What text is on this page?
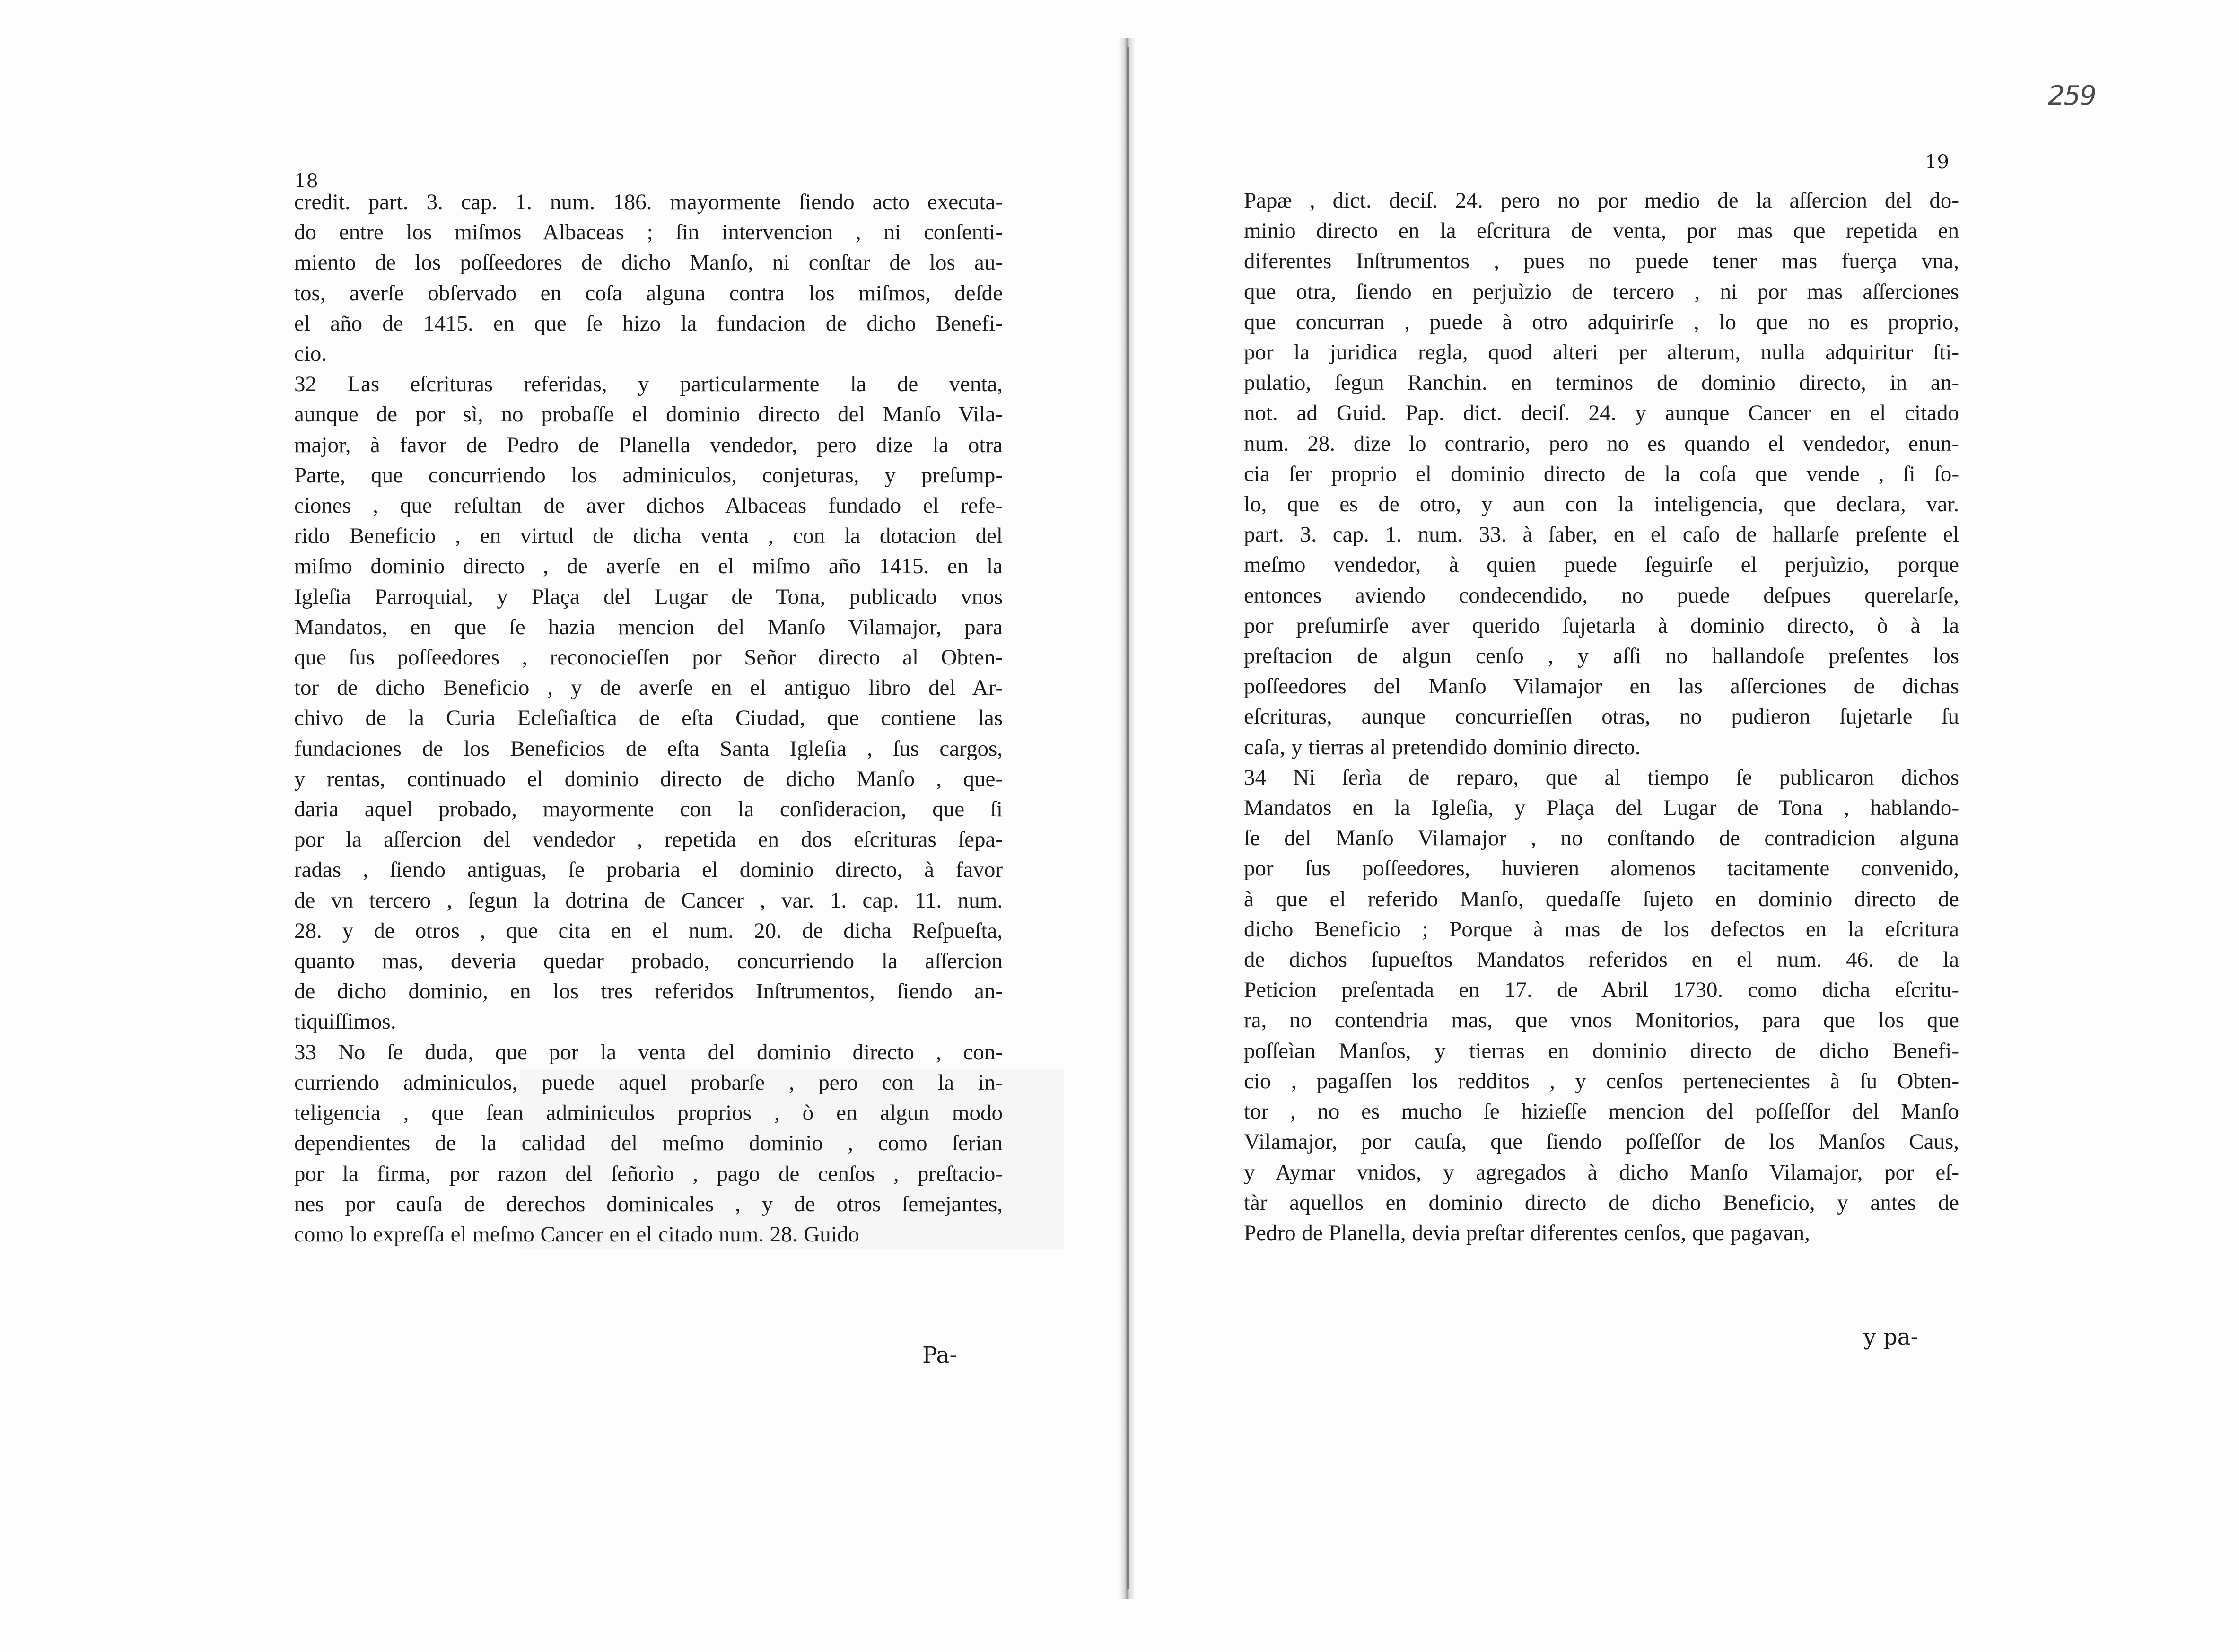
18
credit. part. 3. cap. 1. num. 186. mayormente ſiendo acto executa-
do entre los miſmos Albaceas ; ſin intervencion , ni conſenti-
miento de los poſſeedores de dicho Manſo, ni conſtar de los au-
tos, averſe obſervado en coſa alguna contra los miſmos, deſde
el año de 1415. en que ſe hizo la fundacion de dicho Benefi-
cio.
32 Las eſcrituras referidas, y particularmente la de venta,
aunque de por sì, no probaſſe el dominio directo del Manſo Vila-
major, à favor de Pedro de Planella vendedor, pero dize la otra
Parte, que concurriendo los adminiculos, conjeturas, y preſump-
ciones , que reſultan de aver dichos Albaceas fundado el refe-
rido Beneficio , en virtud de dicha venta , con la dotacion del
miſmo dominio directo , de averſe en el miſmo año 1415. en la
Igleſia Parroquial, y Plaça del Lugar de Tona, publicado vnos
Mandatos, en que ſe hazia mencion del Manſo Vilamajor, para
que ſus poſſeedores , reconocieſſen por Señor directo al Obten-
tor de dicho Beneficio , y de averſe en el antiguo libro del Ar-
chivo de la Curia Ecleſiaſtica de eſta Ciudad, que contiene las
fundaciones de los Beneficios de eſta Santa Igleſia , ſus cargos,
y rentas, continuado el dominio directo de dicho Manſo , que-
daria aquel probado, mayormente con la conſideracion, que ſi
por la aſſercion del vendedor , repetida en dos eſcrituras ſepa-
radas , ſiendo antiguas, ſe probaria el dominio directo, à favor
de vn tercero , ſegun la dotrina de Cancer , var. 1. cap. 11. num.
28. y de otros , que cita en el num. 20. de dicha Reſpueſta,
quanto mas, deveria quedar probado, concurriendo la aſſercion
de dicho dominio, en los tres referidos Inſtrumentos, ſiendo an-
tiquiſſimos.
33 No ſe duda, que por la venta del dominio directo , con-
curriendo adminiculos, puede aquel probarſe , pero con la in-
teligencia , que ſean adminiculos proprios , ò en algun modo
dependientes de la calidad del meſmo dominio , como ſerian
por la firma, por razon del ſeñorìo , pago de cenſos , preſtacio-
nes por cauſa de derechos dominicales , y de otros ſemejantes,
como lo expreſſa el meſmo Cancer en el citado num. 28. Guido
Pa-
259
19
Papæ , dict. deciſ. 24. pero no por medio de la aſſercion del do-
minio directo en la eſcritura de venta, por mas que repetida en
diferentes Inſtrumentos , pues no puede tener mas fuerça vna,
que otra, ſiendo en perjuìzio de tercero , ni por mas aſſerciones
que concurran , puede à otro adquirirſe , lo que no es proprio,
por la juridica regla, quod alteri per alterum, nulla adquiritur ſti-
pulatio, ſegun Ranchin. en terminos de dominio directo, in an-
not. ad Guid. Pap. dict. deciſ. 24. y aunque Cancer en el citado
num. 28. dize lo contrario, pero no es quando el vendedor, enun-
cia ſer proprio el dominio directo de la coſa que vende , ſi ſo-
lo, que es de otro, y aun con la inteligencia, que declara, var.
part. 3. cap. 1. num. 33. à ſaber, en el caſo de hallarſe preſente el
meſmo vendedor, à quien puede ſeguirſe el perjuìzio, porque
entonces aviendo condecendido, no puede deſpues querelarſe,
por preſumirſe aver querido ſujetarla à dominio directo, ò à la
preſtacion de algun cenſo , y aſſi no hallandoſe preſentes los
poſſeedores del Manſo Vilamajor en las aſſerciones de dichas
eſcrituras, aunque concurrieſſen otras, no pudieron ſujetarle ſu
caſa, y tierras al pretendido dominio directo.
34 Ni ſerìa de reparo, que al tiempo ſe publicaron dichos
Mandatos en la Igleſia, y Plaça del Lugar de Tona , hablando-
ſe del Manſo Vilamajor , no conſtando de contradicion alguna
por ſus poſſeedores, huvieren alomenos tacitamente convenido,
à que el referido Manſo, quedaſſe ſujeto en dominio directo de
dicho Beneficio ; Porque à mas de los defectos en la eſcritura
de dichos ſupueſtos Mandatos referidos en el num. 46. de la
Peticion preſentada en 17. de Abril 1730. como dicha eſcritu-
ra, no contendria mas, que vnos Monitorios, para que los que
poſſeìan Manſos, y tierras en dominio directo de dicho Benefi-
cio , pagaſſen los redditos , y cenſos pertenecientes à ſu Obten-
tor , no es mucho ſe hizieſſe mencion del poſſeſſor del Manſo
Vilamajor, por cauſa, que ſiendo poſſeſſor de los Manſos Caus,
y Aymar vnidos, y agregados à dicho Manſo Vilamajor, por eſ-
tàr aquellos en dominio directo de dicho Beneficio, y antes de
Pedro de Planella, devia preſtar diferentes cenſos, que pagavan,
y pa-
